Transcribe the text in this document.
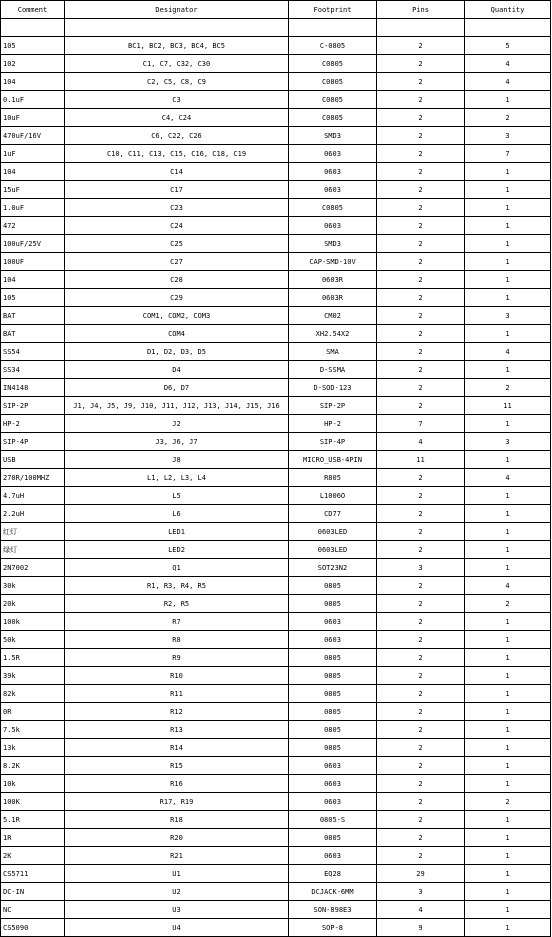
Comment	Designator	Footprint	Pins	Quantity

105	BC1, BC2, BC3, BC4, BC5	C-0805	2	5
102	C1, C7, C32, C30	C0805	2	4
104	C2, C5, C8, C9	C0805	2	4
0.1uF	C3	C0805	2	1
10uF	C4, C24	C0805	2	2
470uF/16V	C6, C22, C26	SMD3	2	3
1uF	C10, C11, C13, C15, C16, C18, C19	0603	2	7
104	C14	0603	2	1
15uF	C17	0603	2	1
1.0uF	C23	C0805	2	1
472	C24	0603	2	1
100uF/25V	C25	SMD3	2	1
100UF	C27	CAP-SMD-10V	2	1
104	C28	0603R	2	1
105	C29	0603R	2	1
BAT	COM1, COM2, COM3	CM02	2	3
BAT	COM4	XH2.54X2	2	1
SS54	D1, D2, D3, D5	SMA	2	4
SS34	D4	D-SSMA	2	1
IN4148	D6, D7	D-SOD-123	2	2
SIP-2P	J1, J4, J5, J9, J10, J11, J12, J13, J14, J15, J16	SIP-2P	2	11
HP-2	J2	HP-2	7	1
SIP-4P	J3, J6, J7	SIP-4P	4	3
USB	J8	MICRO_USB-4PIN	11	1
270R/100MHZ	L1, L2, L3, L4	R805	2	4
4.7uH	L5	L1006O	2	1
2.2uH	L6	CD77	2	1
红灯	LED1	0603LED	2	1
绿灯	LED2	0603LED	2	1
2N7002	Q1	SOT23N2	3	1
30k	R1, R3, R4, R5	0805	2	4
20k	R2, R5	0805	2	2
100k	R7	0603	2	1
50k	R8	0603	2	1
1.5R	R9	0805	2	1
39k	R10	0805	2	1
82k	R11	0805	2	1
0R	R12	0805	2	1
7.5k	R13	0805	2	1
13k	R14	0805	2	1
8.2K	R15	0603	2	1
10k	R16	0603	2	1
100K	R17, R19	0603	2	2
5.1R	R18	0805-S	2	1
1R	R20	0805	2	1
2K	R21	0603	2	1
CS5711	U1	EQ28	29	1
DC-IN	U2	DCJACK-6MM	3	1
NC	U3	SON-898E3	4	1
CS5090	U4	SOP-8	9	1
